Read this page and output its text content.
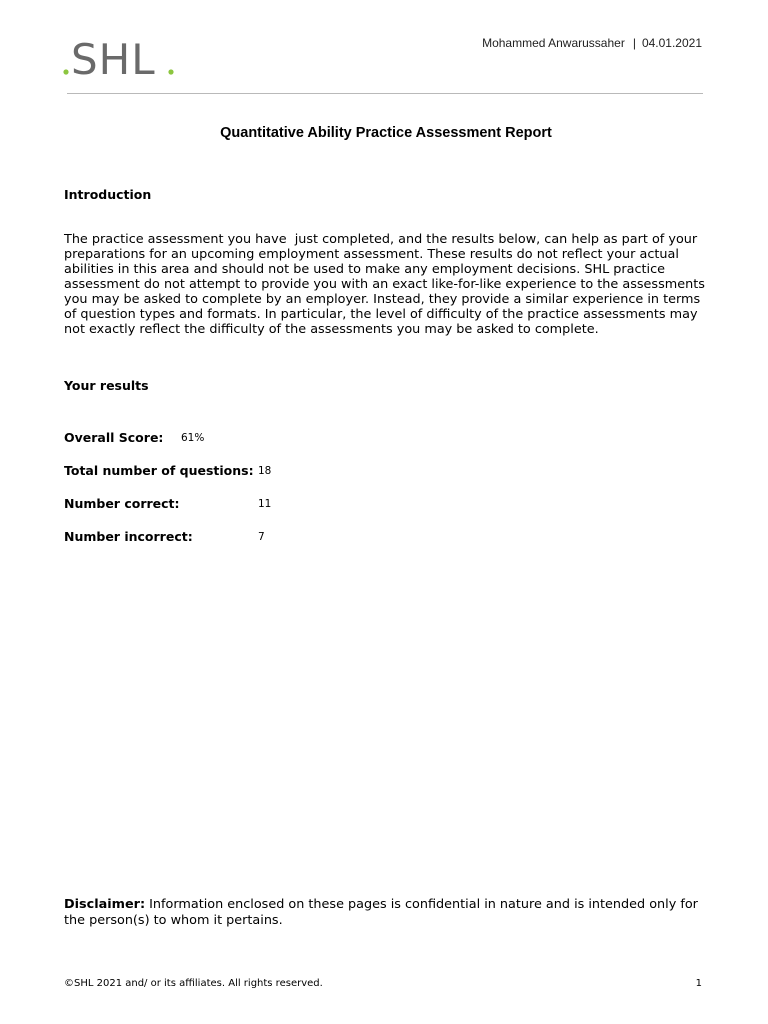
SHL	Mohammed Anwarussaher | 04.01.2021
Quantitative Ability Practice Assessment Report
Introduction
The practice assessment you have  just completed, and the results below, can help as part of your preparations for an upcoming employment assessment. These results do not reflect your actual abilities in this area and should not be used to make any employment decisions. SHL practice assessment do not attempt to provide you with an exact like-for-like experience to the assessments you may be asked to complete by an employer. Instead, they provide a similar experience in terms of question types and formats. In particular, the level of difficulty of the practice assessments may not exactly reflect the difficulty of the assessments you may be asked to complete.
Your results
Overall Score: 61%
Total number of questions: 18
Number correct:	11
Number incorrect:	7
Disclaimer: Information enclosed on these pages is confidential in nature and is intended only for the person(s) to whom it pertains.
©SHL 2021 and/ or its affiliates. All rights reserved.	1
